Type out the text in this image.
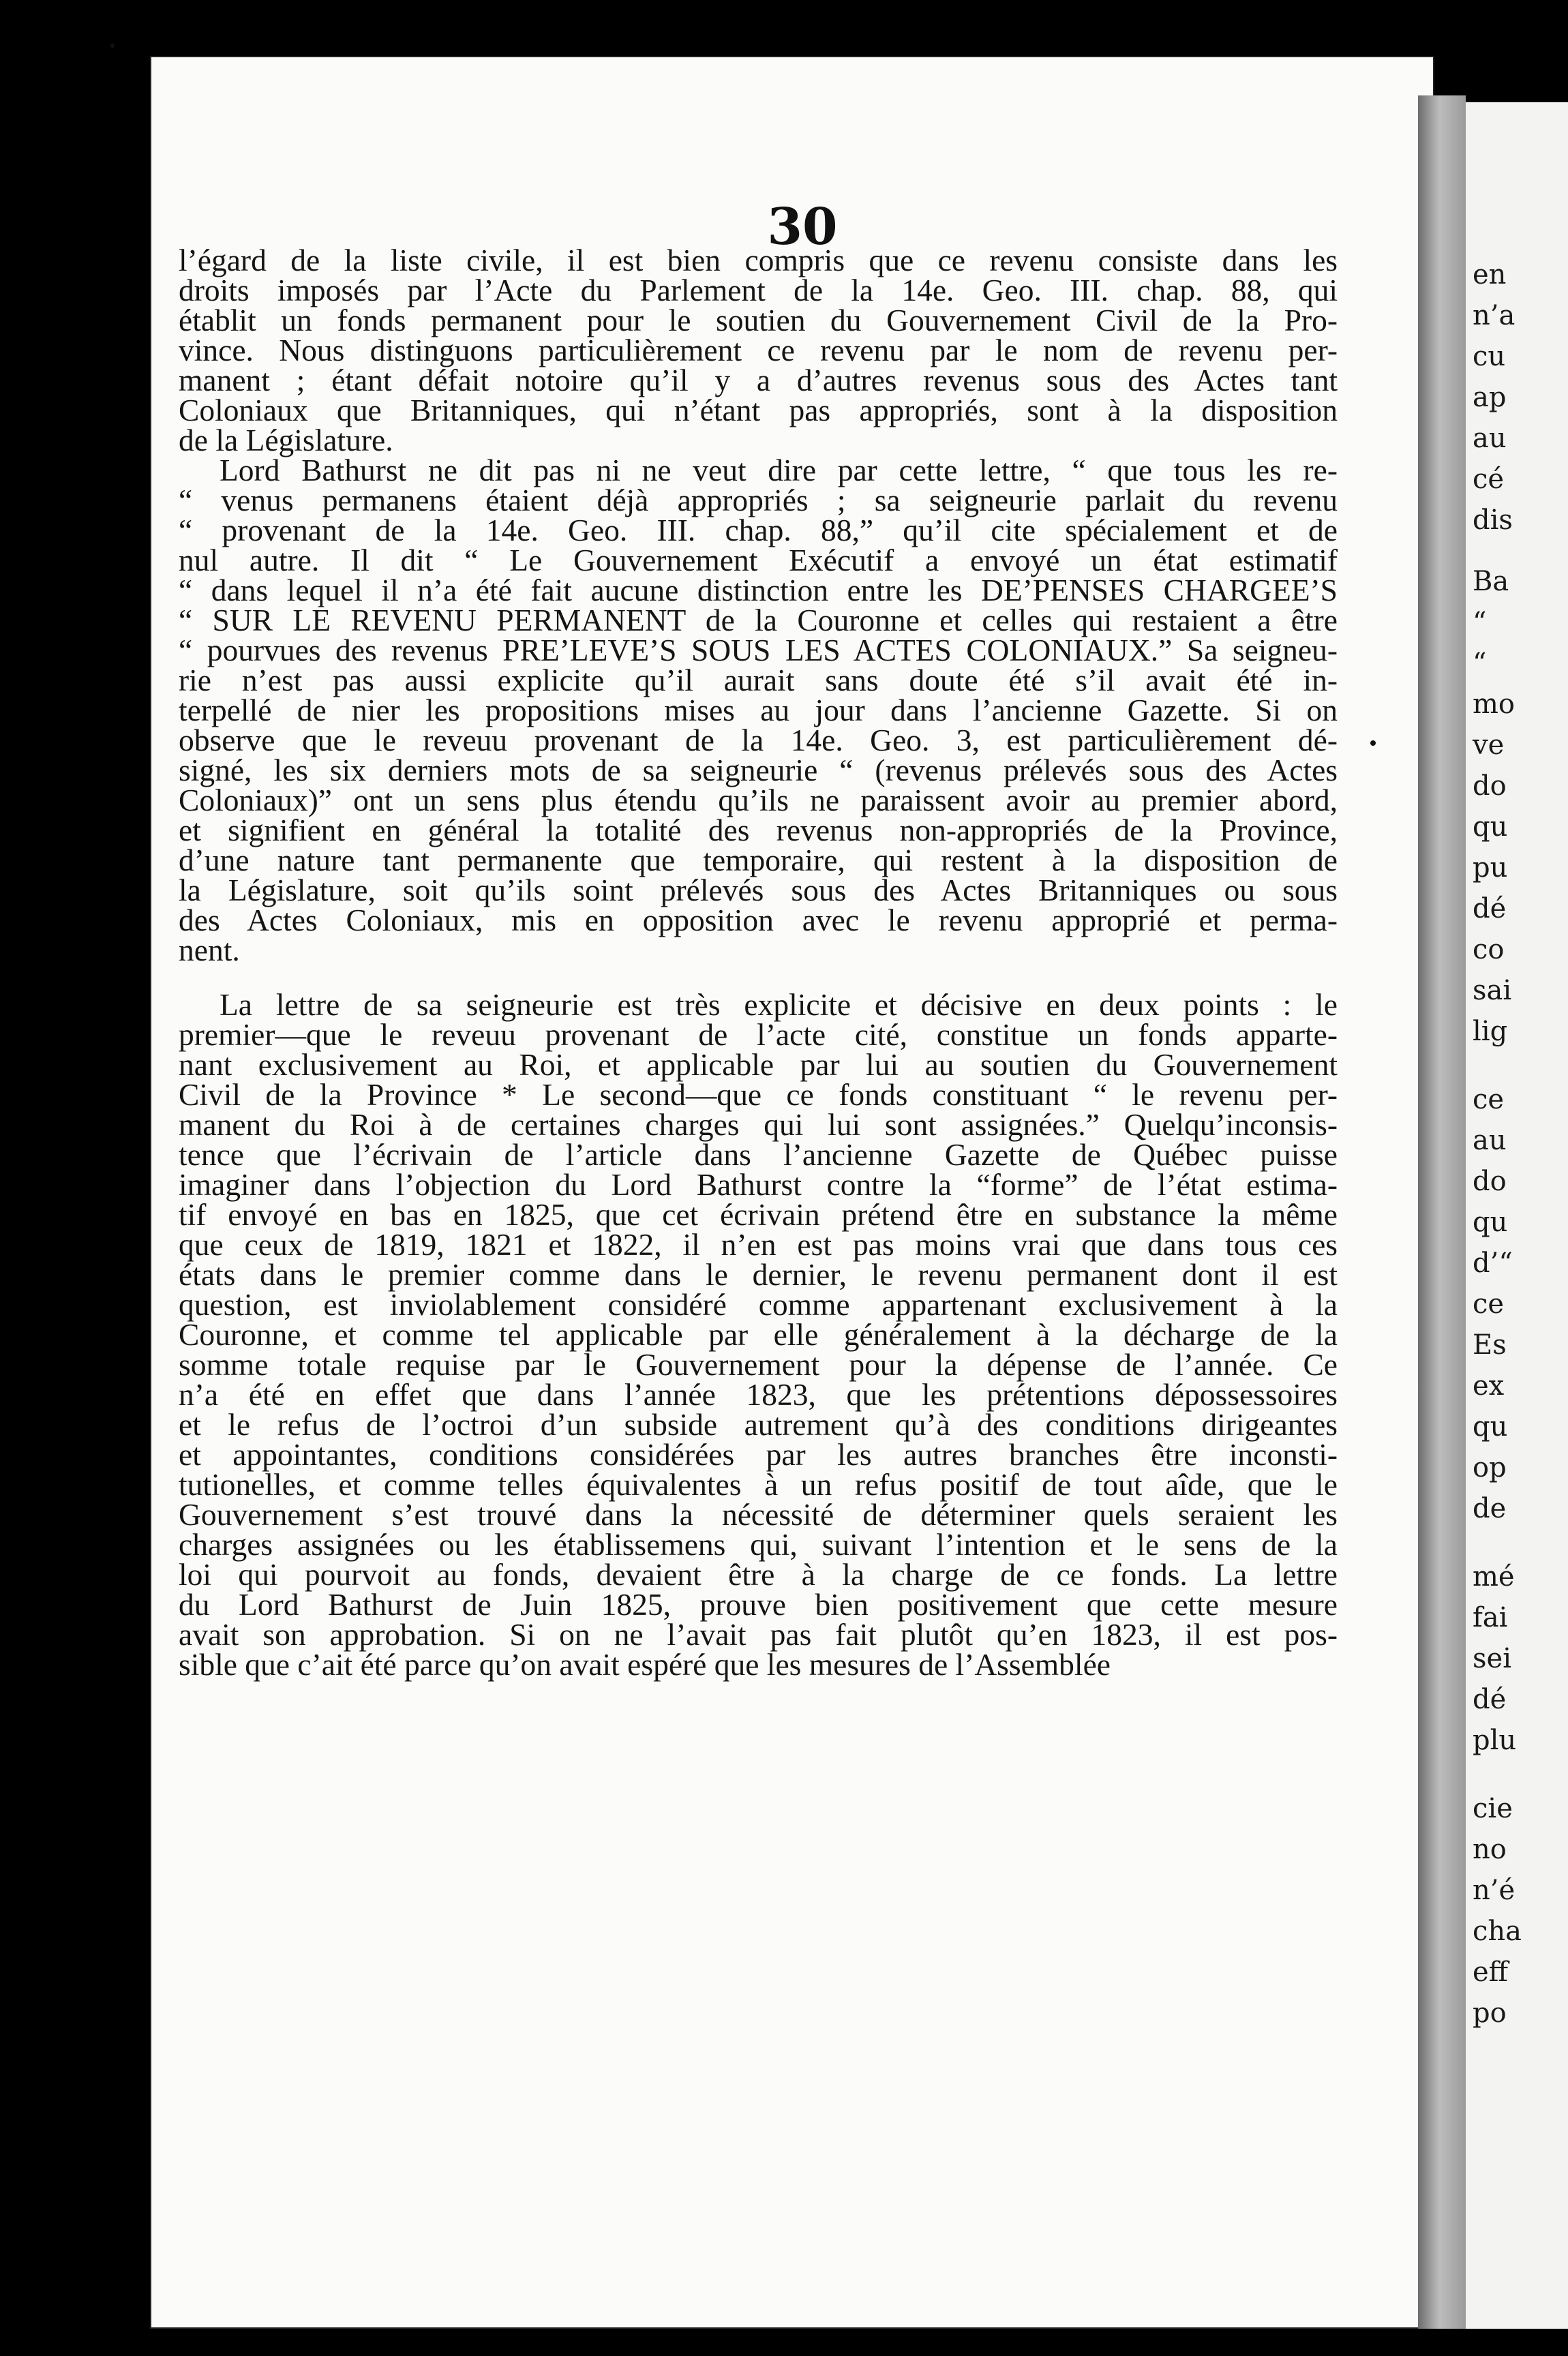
30
en
n’a
cu
ap
au
cé
dis
Ba
“
“
mo
ve
do
qu
pu
dé
co
sai
lig
ce
au
do
qu
d’“
ce
Es
ex
qu
op
de
mé
fai
sei
dé
plu
cie
no
n’é
cha
eff
po
l’égard de la liste civile, il est bien compris que ce revenu consiste dans les
droits imposés par l’Acte du Parlement de la 14e. Geo. III. chap. 88, qui
établit un fonds permanent pour le soutien du Gouvernement Civil de la Pro-
vince. Nous distinguons particulièrement ce revenu par le nom de revenu per-
manent ; étant défait notoire qu’il y a d’autres revenus sous des Actes tant
Coloniaux que Britanniques, qui n’étant pas appropriés, sont à la disposition
de la Législature.
Lord Bathurst ne dit pas ni ne veut dire par cette lettre, “ que tous les re-
“ venus permanens étaient déjà appropriés ; sa seigneurie parlait du revenu
“ provenant de la 14e. Geo. III. chap. 88,” qu’il cite spécialement et de
nul autre. Il dit “ Le Gouvernement Exécutif a envoyé un état estimatif
“ dans lequel il n’a été fait aucune distinction entre les DE’PENSES CHARGEE’S
“ SUR LE REVENU PERMANENT de la Couronne et celles qui restaient a être
“ pourvues des revenus PRE’LEVE’S SOUS LES ACTES COLONIAUX.” Sa seigneu-
rie n’est pas aussi explicite qu’il aurait sans doute été s’il avait été in-
terpellé de nier les propositions mises au jour dans l’ancienne Gazette. Si on
observe que le reveuu provenant de la 14e. Geo. 3, est particulièrement dé-
signé, les six derniers mots de sa seigneurie “ (revenus prélevés sous des Actes
Coloniaux)” ont un sens plus étendu qu’ils ne paraissent avoir au premier abord,
et signifient en général la totalité des revenus non-appropriés de la Province,
d’une nature tant permanente que temporaire, qui restent à la disposition de
la Législature, soit qu’ils soint prélevés sous des Actes Britanniques ou sous
des Actes Coloniaux, mis en opposition avec le revenu approprié et perma-
nent.
La lettre de sa seigneurie est très explicite et décisive en deux points : le
premier—que le reveuu provenant de l’acte cité, constitue un fonds apparte-
nant exclusivement au Roi, et applicable par lui au soutien du Gouvernement
Civil de la Province * Le second—que ce fonds constituant “ le revenu per-
manent du Roi à de certaines charges qui lui sont assignées.” Quelqu’inconsis-
tence que l’écrivain de l’article dans l’ancienne Gazette de Québec puisse
imaginer dans l’objection du Lord Bathurst contre la “forme” de l’état estima-
tif envoyé en bas en 1825, que cet écrivain prétend être en substance la même
que ceux de 1819, 1821 et 1822, il n’en est pas moins vrai que dans tous ces
états dans le premier comme dans le dernier, le revenu permanent dont il est
question, est inviolablement considéré comme appartenant exclusivement à la
Couronne, et comme tel applicable par elle généralement à la décharge de la
somme totale requise par le Gouvernement pour la dépense de l’année. Ce
n’a été en effet que dans l’année 1823, que les prétentions dépossessoires
et le refus de l’octroi d’un subside autrement qu’à des conditions dirigeantes
et appointantes, conditions considérées par les autres branches être inconsti-
tutionelles, et comme telles équivalentes à un refus positif de tout aîde, que le
Gouvernement s’est trouvé dans la nécessité de déterminer quels seraient les
charges assignées ou les établissemens qui, suivant l’intention et le sens de la
loi qui pourvoit au fonds, devaient être à la charge de ce fonds. La lettre
du Lord Bathurst de Juin 1825, prouve bien positivement que cette mesure
avait son approbation. Si on ne l’avait pas fait plutôt qu’en 1823, il est pos-
sible que c’ait été parce qu’on avait espéré que les mesures de l’Assemblée
